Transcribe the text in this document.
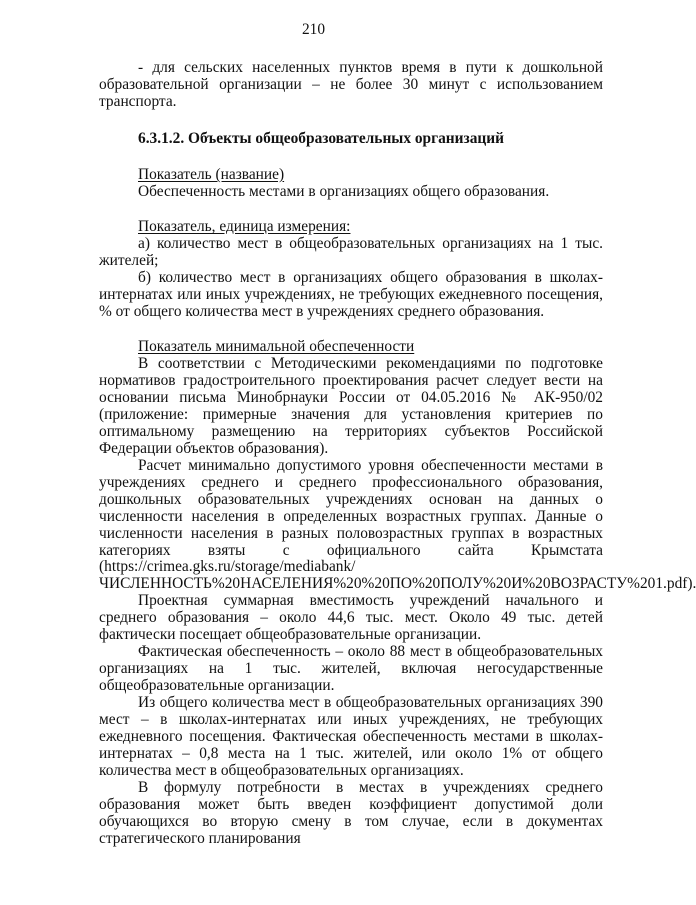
210

- для сельских населенных пунктов время в пути к дошкольной образовательной организации – не более 30 минут с использованием транспорта.

6.3.1.2. Объекты общеобразовательных организаций

Показатель (название)

Обеспеченность местами в организациях общего образования.

Показатель, единица измерения:

а) количество мест в общеобразовательных организациях на 1 тыс. жителей;

б) количество мест в организациях общего образования в школах-интернатах или иных учреждениях, не требующих ежедневного посещения, % от общего количества мест в учреждениях среднего образования.

Показатель минимальной обеспеченности

В соответствии с Методическими рекомендациями по подготовке нормативов градостроительного проектирования расчет следует вести на основании письма Минобрнауки России от 04.05.2016 № АК-950/02 (приложение: примерные значения для установления критериев по оптимальному размещению на территориях субъектов Российской Федерации объектов образования).

Расчет минимально допустимого уровня обеспеченности местами в учреждениях среднего и среднего профессионального образования, дошкольных образовательных учреждениях основан на данных о численности населения в определенных возрастных группах. Данные о численности населения в разных половозрастных группах в возрастных категориях взяты с официального сайта Крымстата (https://crimea.gks.ru/storage/mediabank/ЧИСЛЕННОСТЬ%20НАСЕЛЕНИЯ%20%20ПО%20ПОЛУ%20И%20ВОЗРАСТУ%201.pdf).

Проектная суммарная вместимость учреждений начального и среднего образования – около 44,6 тыс. мест. Около 49 тыс. детей фактически посещает общеобразовательные организации.

Фактическая обеспеченность – около 88 мест в общеобразовательных организациях на 1 тыс. жителей, включая негосударственные общеобразовательные организации.

Из общего количества мест в общеобразовательных организациях 390 мест – в школах-интернатах или иных учреждениях, не требующих ежедневного посещения. Фактическая обеспеченность местами в школах-интернатах – 0,8 места на 1 тыс. жителей, или около 1% от общего количества мест в общеобразовательных организациях.

В формулу потребности в местах в учреждениях среднего образования может быть введен коэффициент допустимой доли обучающихся во вторую смену в том случае, если в документах стратегического планирования
